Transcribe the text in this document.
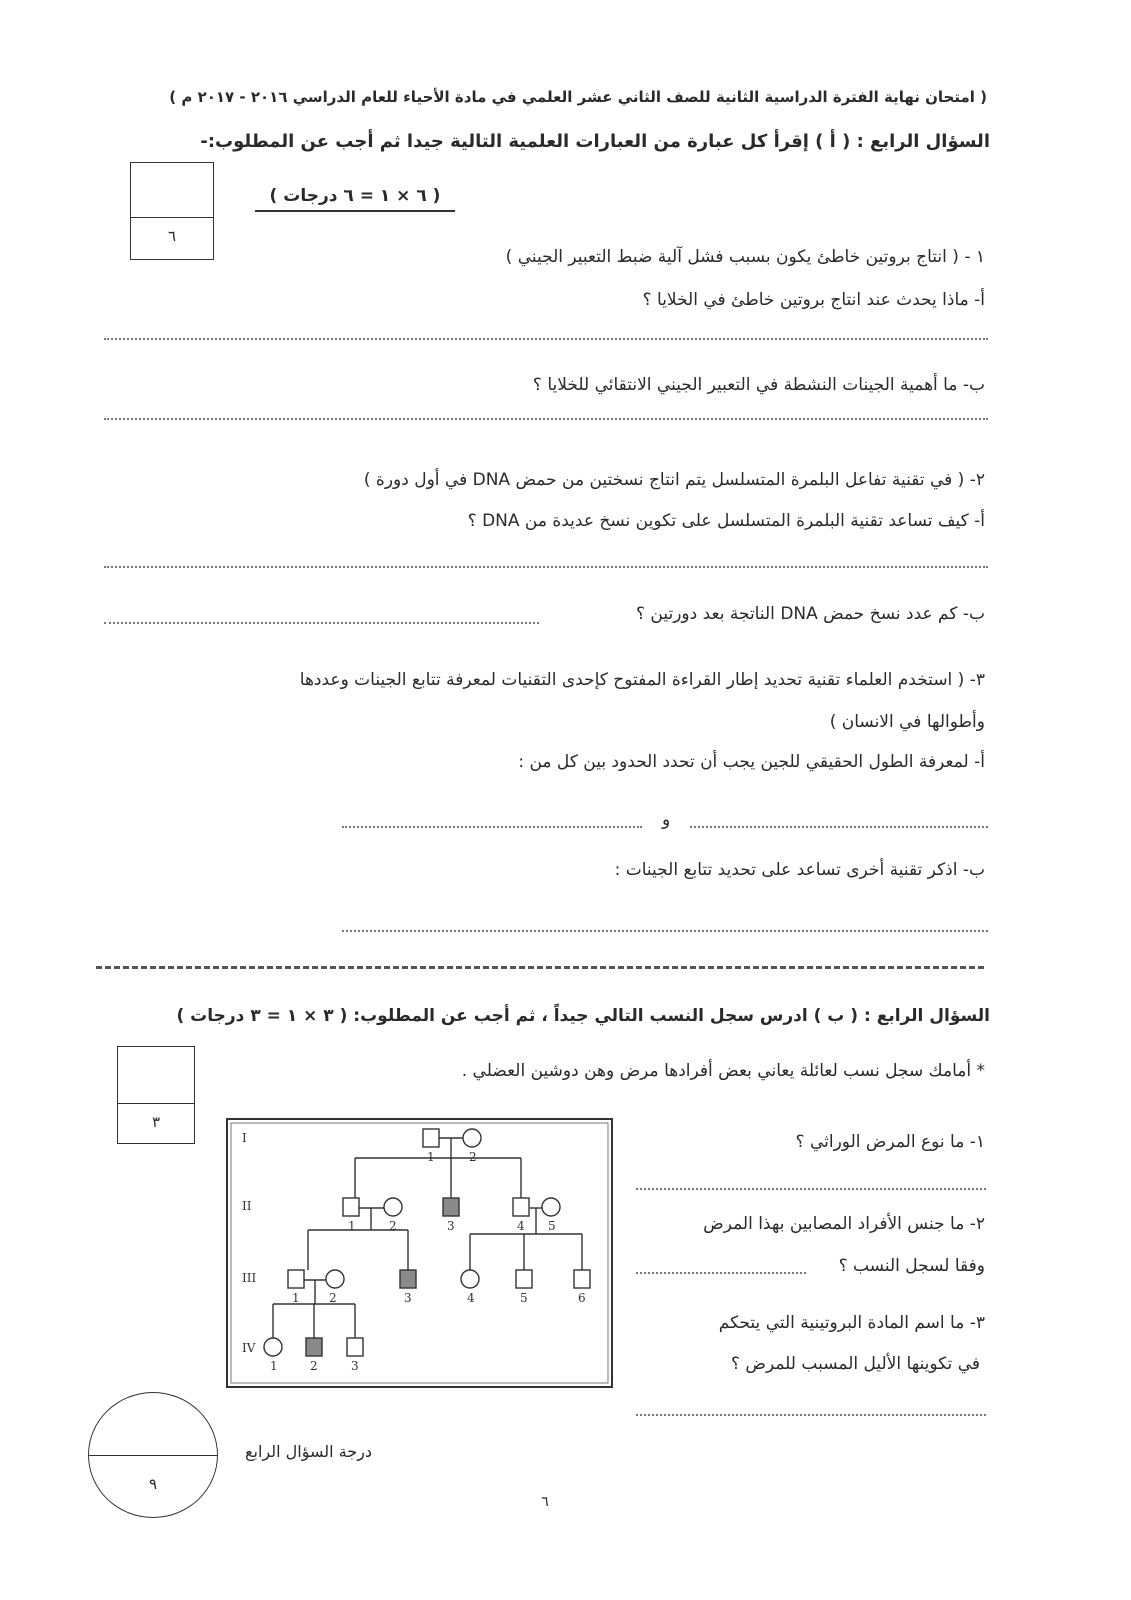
( امتحان نهاية الفترة الدراسية الثانية للصف الثاني عشر العلمي في مادة الأحياء للعام الدراسي ٢٠١٦ - ٢٠١٧ م )
السؤال الرابع : ( أ ) إقرأ كل عبارة من العبارات العلمية التالية جيدا ثم أجب عن المطلوب:-
٦
( ٦ × ١ = ٦ درجات )
١ - ( انتاج بروتين خاطئ يكون بسبب فشل آلية ضبط التعبير الجيني )
أ- ماذا يحدث عند انتاج بروتين خاطئ في الخلايا ؟
ب- ما أهمية الجينات النشطة في التعبير الجيني الانتقائي للخلايا ؟
٢- ( في تقنية تفاعل البلمرة المتسلسل يتم انتاج نسختين من حمض DNA في أول دورة )
أ- كيف تساعد تقنية البلمرة المتسلسل على تكوين نسخ عديدة من DNA ؟
ب- كم عدد نسخ حمض DNA الناتجة بعد دورتين ؟
٣- ( استخدم العلماء تقنية تحديد إطار القراءة المفتوح كإحدى التقنيات لمعرفة تتابع الجينات وعددها
وأطوالها في الانسان )
أ- لمعرفة الطول الحقيقي للجين يجب أن تحدد الحدود بين كل من :
و
ب- اذكر تقنية أخرى تساعد على تحديد تتابع الجينات :
السؤال الرابع : ( ب ) ادرس سجل النسب التالي جيداً ، ثم أجب عن المطلوب: ( ٣ × ١ = ٣ درجات )
٣
* أمامك سجل نسب لعائلة يعاني بعض أفرادها مرض وهن دوشين العضلي .
I
II
III
IV
1	2
1	2	3	4 5
1 2	3	4	5	6
1	2	3
١- ما نوع المرض الوراثي ؟
٢- ما جنس الأفراد المصابين بهذا المرض
وفقا لسجل النسب ؟
٣- ما اسم المادة البروتينية التي يتحكم
في تكوينها الأليل المسبب للمرض ؟
٩
درجة السؤال الرابع
٦
